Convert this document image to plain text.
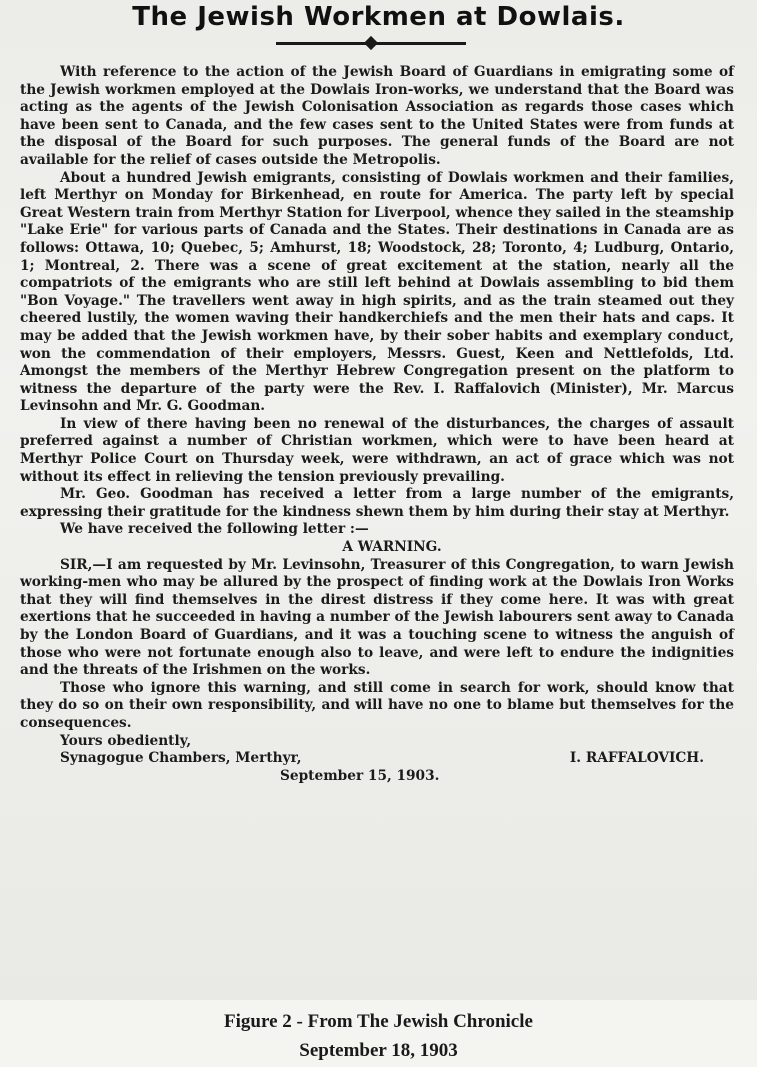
The Jewish Workmen at Dowlais.

With reference to the action of the Jewish Board of Guardians in emigrating some of the Jewish workmen employed at the Dowlais Iron-works, we understand that the Board was acting as the agents of the Jewish Colonisation Association as regards those cases which have been sent to Canada, and the few cases sent to the United States were from funds at the disposal of the Board for such purposes. The general funds of the Board are not available for the relief of cases outside the Metropolis.

About a hundred Jewish emigrants, consisting of Dowlais workmen and their families, left Merthyr on Monday for Birkenhead, en route for America. The party left by special Great Western train from Merthyr Station for Liverpool, whence they sailed in the steamship "Lake Erie" for various parts of Canada and the States. Their destinations in Canada are as follows: Ottawa, 10; Quebec, 5; Amhurst, 18; Woodstock, 28; Toronto, 4; Ludburg, Ontario, 1; Montreal, 2. There was a scene of great excitement at the station, nearly all the compatriots of the emigrants who are still left behind at Dowlais assembling to bid them "Bon Voyage." The travellers went away in high spirits, and as the train steamed out they cheered lustily, the women waving their handkerchiefs and the men their hats and caps. It may be added that the Jewish workmen have, by their sober habits and exemplary conduct, won the commendation of their employers, Messrs. Guest, Keen and Nettlefolds, Ltd. Amongst the members of the Merthyr Hebrew Congregation present on the platform to witness the departure of the party were the Rev. I. Raffalovich (Minister), Mr. Marcus Levinsohn and Mr. G. Goodman.

In view of there having been no renewal of the disturbances, the charges of assault preferred against a number of Christian workmen, which were to have been heard at Merthyr Police Court on Thursday week, were withdrawn, an act of grace which was not without its effect in relieving the tension previously prevailing.

Mr. Geo. Goodman has received a letter from a large number of the emigrants, expressing their gratitude for the kindness shewn them by him during their stay at Merthyr.

We have received the following letter :—

A WARNING.

SIR,—I am requested by Mr. Levinsohn, Treasurer of this Congregation, to warn Jewish working-men who may be allured by the prospect of finding work at the Dowlais Iron Works that they will find themselves in the direst distress if they come here. It was with great exertions that he succeeded in having a number of the Jewish labourers sent away to Canada by the London Board of Guardians, and it was a touching scene to witness the anguish of those who were not fortunate enough also to leave, and were left to endure the indignities and the threats of the Irishmen on the works.

Those who ignore this warning, and still come in search for work, should know that they do so on their own responsibility, and will have no one to blame but themselves for the consequences.

Yours obediently,

Synagogue Chambers, Merthyr,	I. RAFFALOVICH.

September 15, 1903.

Figure 2 - From The Jewish Chronicle
September 18, 1903
